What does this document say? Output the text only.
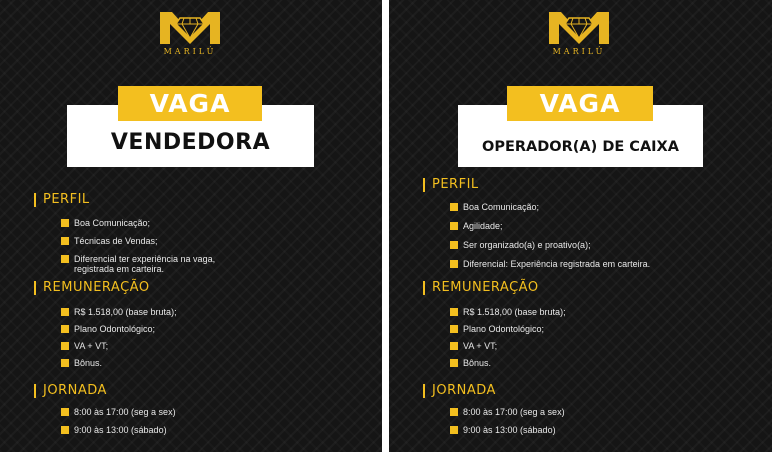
MARILÚ

VAGA
VENDEDORA
PERFIL
Boa Comunicação;
Técnicas de Vendas;
Diferencial ter experiência na vaga,
registrada em carteira.
REMUNERAÇÃO
R$ 1.518,00 (base bruta);
Plano Odontológico;
VA + VT;
Bônus.
JORNADA
8:00 às 17:00 (seg a sex)
9:00 às 13:00 (sábado)
MARILÚ
VAGA
OPERADOR(A) DE CAIXA
PERFIL
Boa Comunicação;
Agilidade;
Ser organizado(a) e proativo(a);
Diferencial: Experiência registrada em carteira.
REMUNERAÇÃO
R$ 1.518,00 (base bruta);
Plano Odontológico;
VA + VT;
Bônus.
JORNADA
8:00 às 17:00 (seg a sex)
9:00 às 13:00 (sábado)
